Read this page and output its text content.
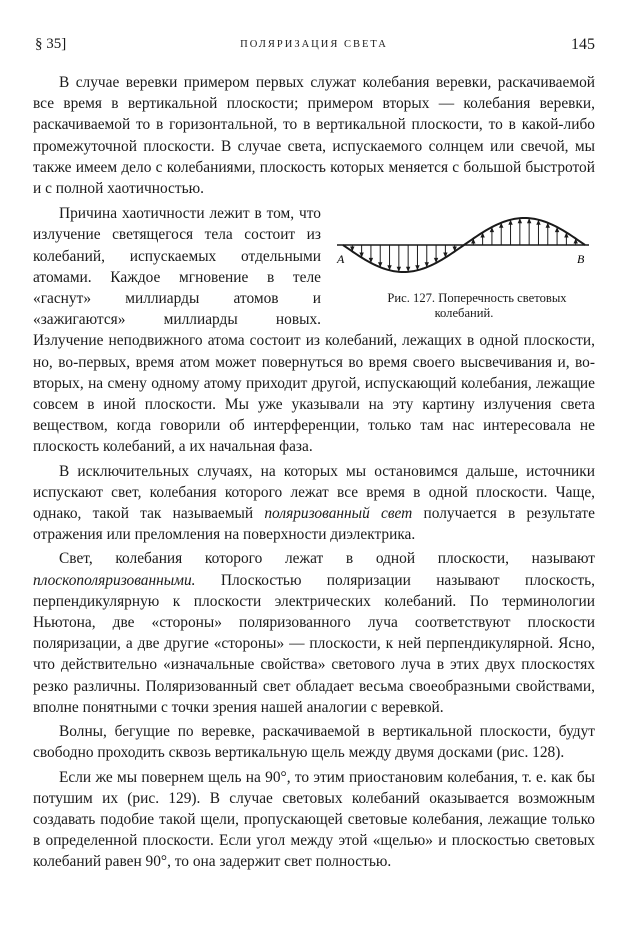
§ 35]	ПОЛЯРИЗАЦИЯ СВЕТА	145

В случае веревки примером первых служат колебания веревки, раскачиваемой все время в вертикальной плоскости; примером вторых — колебания веревки, раскачиваемой то в горизонтальной, то в вертикальной плоскости, то в какой-либо промежуточной плоскости. В случае света, испускаемого солнцем или свечой, мы также имеем дело с колебаниями, плоскость которых меняется с большой быстротой и с полной хаотичностью.

A	B
Рис. 127. Поперечность световых колебаний.
Причина хаотичности лежит в том, что излучение светящегося тела состоит из колебаний, испускаемых отдельными атомами. Каждое мгновение в теле «гаснут» миллиарды атомов и «зажигаются» миллиарды новых. Излучение неподвижного атома состоит из колебаний, лежащих в одной плоскости, но, во-первых, время атом может повернуться во время своего высвечивания и, во-вторых, на смену одному атому приходит другой, испускающий колебания, лежащие совсем в иной плоскости. Мы уже указывали на эту картину излучения света веществом, когда говорили об интерференции, только там нас интересовала не плоскость колебаний, а их начальная фаза.

В исключительных случаях, на которых мы остановимся дальше, источники испускают свет, колебания которого лежат все время в одной плоскости. Чаще, однако, такой так называемый поляризованный свет получается в результате отражения или преломления на поверхности диэлектрика.

Свет, колебания которого лежат в одной плоскости, называют плоскополяризованными. Плоскостью поляризации называют плоскость, перпендикулярную к плоскости электрических колебаний. По терминологии Ньютона, две «стороны» поляризованного луча соответствуют плоскости поляризации, а две другие «стороны» — плоскости, к ней перпендикулярной. Ясно, что действительно «изначальные свойства» светового луча в этих двух плоскостях резко различны. Поляризованный свет обладает весьма своеобразными свойствами, вполне понятными с точки зрения нашей аналогии с веревкой.

Волны, бегущие по веревке, раскачиваемой в вертикальной плоскости, будут свободно проходить сквозь вертикальную щель между двумя досками (рис. 128).

Если же мы повернем щель на 90°, то этим приостановим колебания, т. е. как бы потушим их (рис. 129). В случае световых колебаний оказывается возможным создавать подобие такой щели, пропускающей световые колебания, лежащие только в определенной плоскости. Если угол между этой «щелью» и плоскостью световых колебаний равен 90°, то она задержит свет полностью.
